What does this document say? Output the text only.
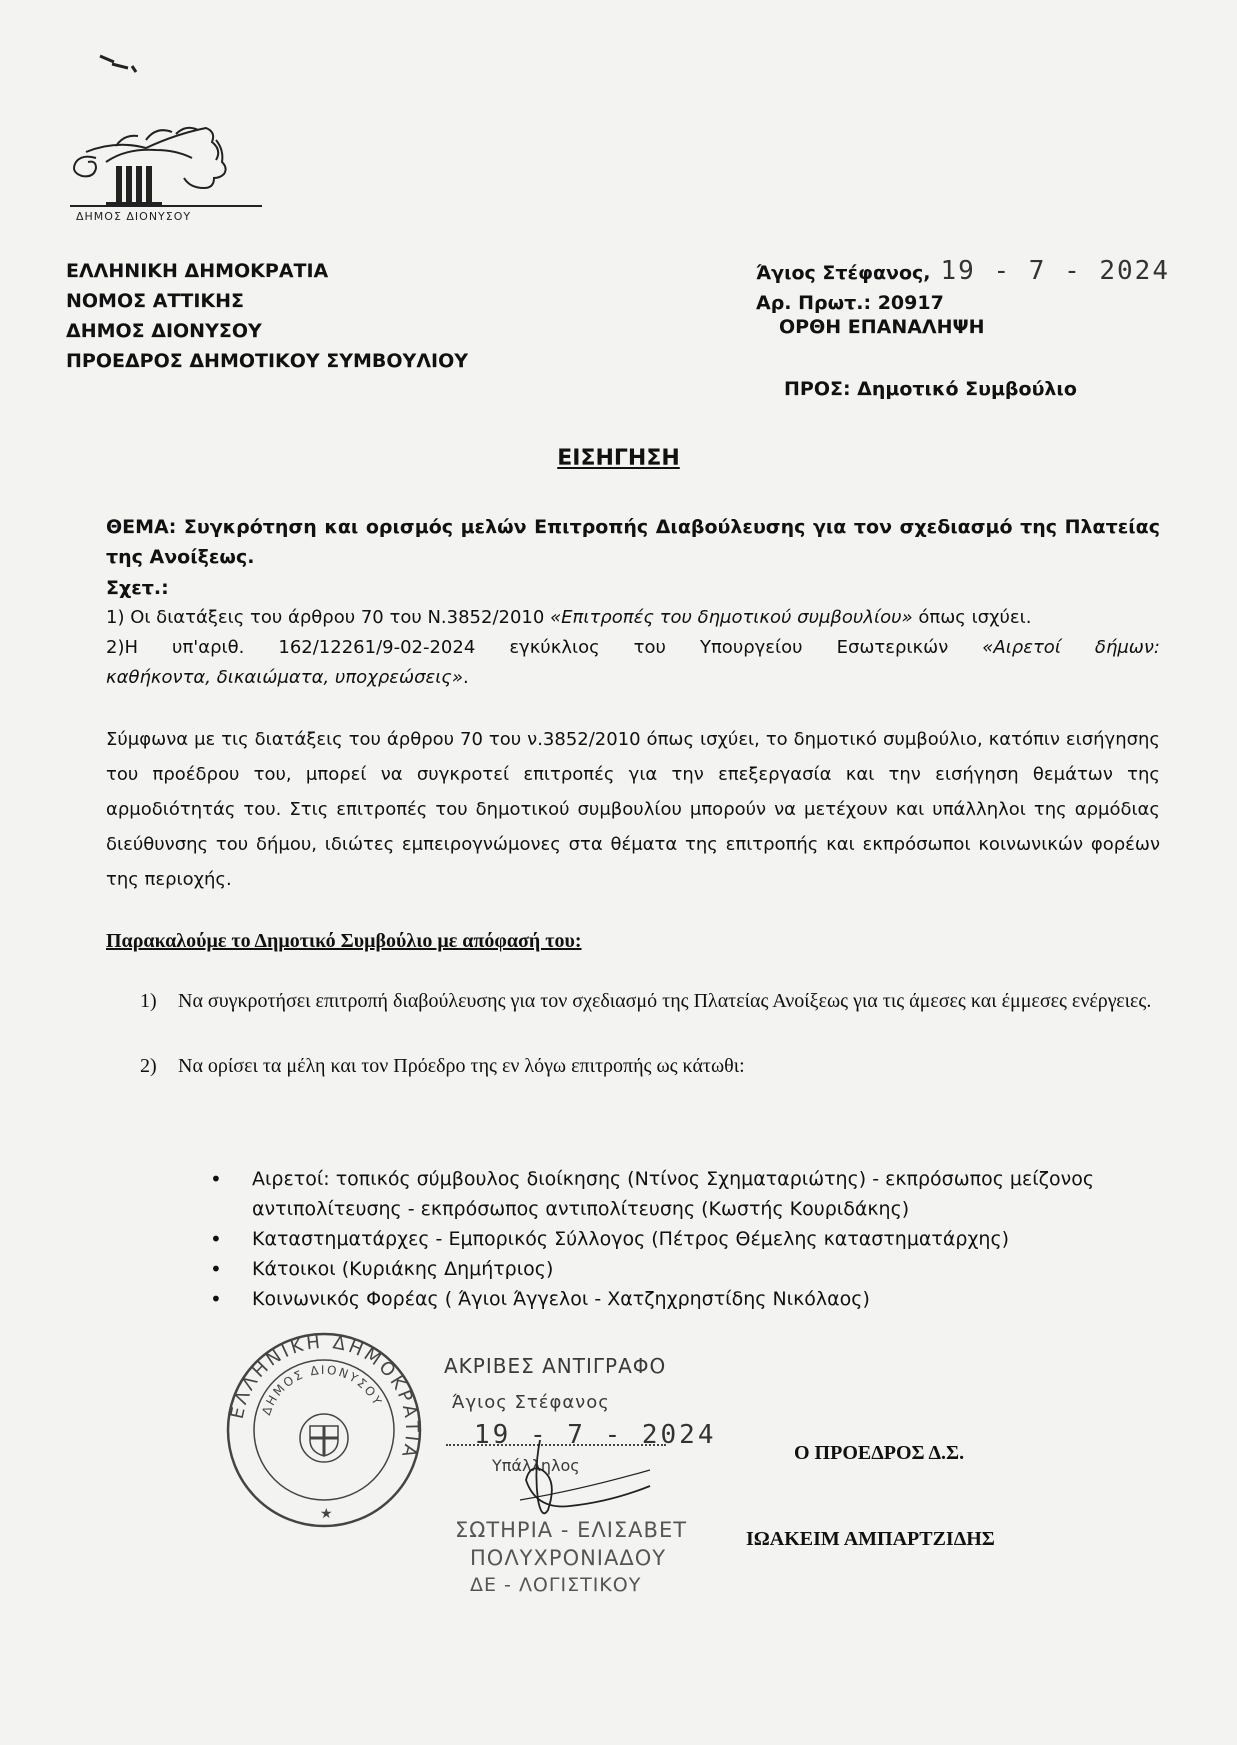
ΔΗΜΟΣ ΔΙΟΝΥΣΟΥ
ΕΛΛΗΝΙΚΗ ΔΗΜΟΚΡΑΤΙΑ
ΝΟΜΟΣ ΑΤΤΙΚΗΣ
ΔΗΜΟΣ ΔΙΟΝΥΣΟΥ
ΠΡΟΕΔΡΟΣ ΔΗΜΟΤΙΚΟΥ ΣΥΜΒΟΥΛΙΟΥ
Άγιος Στέφανος, 19 - 7 - 2024
Αρ. Πρωτ.: 20917
ΟΡΘΗ ΕΠΑΝΑΛΗΨΗ
ΠΡΟΣ: Δημοτικό Συμβούλιο
ΕΙΣΗΓΗΣΗ
ΘΕΜΑ: Συγκρότηση και ορισμός μελών Επιτροπής Διαβούλευσης για τον σχεδιασμό της Πλατείας της Ανοίξεως.
Σχετ.:
1) Οι διατάξεις του άρθρου 70 του Ν.3852/2010 «Επιτροπές του δημοτικού συμβουλίου» όπως ισχύει.
2)Η υπ'αριθ. 162/12261/9-02-2024 εγκύκλιος του Υπουργείου Εσωτερικών «Αιρετοί δήμων:
καθήκοντα, δικαιώματα, υποχρεώσεις».
Σύμφωνα με τις διατάξεις του άρθρου 70 του ν.3852/2010 όπως ισχύει, το δημοτικό συμβούλιο, κατόπιν εισήγησης του προέδρου του, μπορεί να συγκροτεί επιτροπές για την επεξεργασία και την εισήγηση θεμάτων της αρμοδιότητάς του. Στις επιτροπές του δημοτικού συμβουλίου μπορούν να μετέχουν και υπάλληλοι της αρμόδιας διεύθυνσης του δήμου, ιδιώτες εμπειρογνώμονες στα θέματα της επιτροπής και εκπρόσωποι κοινωνικών φορέων της περιοχής.
Παρακαλούμε το Δημοτικό Συμβούλιο με απόφασή του:
1)	Να συγκροτήσει επιτροπή διαβούλευσης για τον σχεδιασμό της Πλατείας Ανοίξεως για τις άμεσες και έμμεσες ενέργειες.
2)	Να ορίσει τα μέλη και τον Πρόεδρο της εν λόγω επιτροπής ως κάτωθι:
•	Αιρετοί: τοπικός σύμβουλος διοίκησης (Ντίνος Σχηματαριώτης) - εκπρόσωπος μείζονος αντιπολίτευσης - εκπρόσωπος αντιπολίτευσης (Κωστής Κουριδάκης)
•	Καταστηματάρχες - Εμπορικός Σύλλογος (Πέτρος Θέμελης καταστηματάρχης)
•	Κάτοικοι (Κυριάκης Δημήτριος)
•	Κοινωνικός Φορέας ( Άγιοι Άγγελοι - Χατζηχρηστίδης Νικόλαος)
ΕΛΛΗΝΙΚΗ ΔΗΜΟΚΡΑΤΙΑ
ΔΗΜΟΣ ΔΙΟΝΥΣΟΥ
★
ΑΚΡΙΒΕΣ ΑΝΤΙΓΡΑΦΟ
Άγιος Στέφανος
19 - 7 - 2024
Υπάλληλος
ΣΩΤΗΡΙΑ - ΕΛΙΣΑΒΕΤ
ΠΟΛΥΧΡΟΝΙΑΔΟΥ
ΔΕ - ΛΟΓΙΣΤΙΚΟΥ
Ο ΠΡΟΕΔΡΟΣ Δ.Σ.
ΙΩΑΚΕΙΜ ΑΜΠΑΡΤΖΙΔΗΣ
